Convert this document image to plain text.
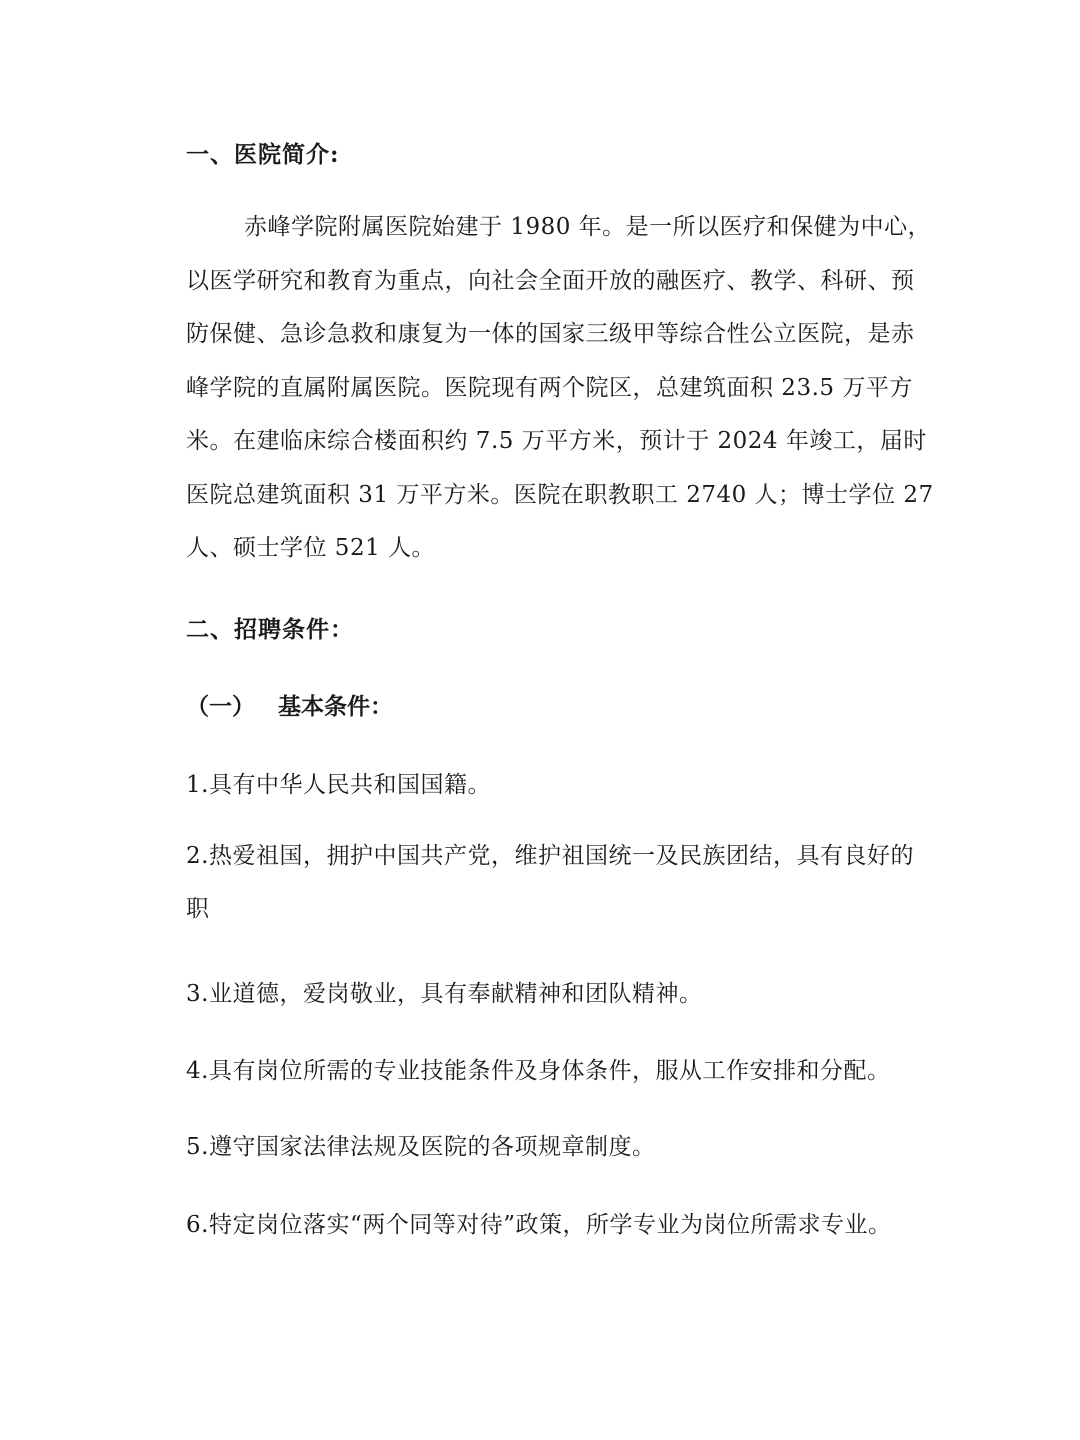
一、医院简介:
赤峰学院附属医院始建于 1980 年。是一所以医疗和保健为中心，
以医学研究和教育为重点，向社会全面开放的融医疗、教学、科研、预
防保健、急诊急救和康复为一体的国家三级甲等综合性公立医院，是赤
峰学院的直属附属医院。医院现有两个院区，总建筑面积 23.5 万平方
米。在建临床综合楼面积约 7.5 万平方米，预计于 2024 年竣工，届时
医院总建筑面积 31 万平方米。医院在职教职工 2740 人；博士学位 27
人、硕士学位 521 人。
二、招聘条件：
（一） 基本条件：

1.具有中华人民共和国国籍。

2.热爱祖国，拥护中国共产党，维护祖国统一及民族团结，具有良好的
职

3.业道德，爱岗敬业，具有奉献精神和团队精神。

4.具有岗位所需的专业技能条件及身体条件，服从工作安排和分配。

5.遵守国家法律法规及医院的各项规章制度。

6.特定岗位落实“两个同等对待”政策，所学专业为岗位所需求专业。
